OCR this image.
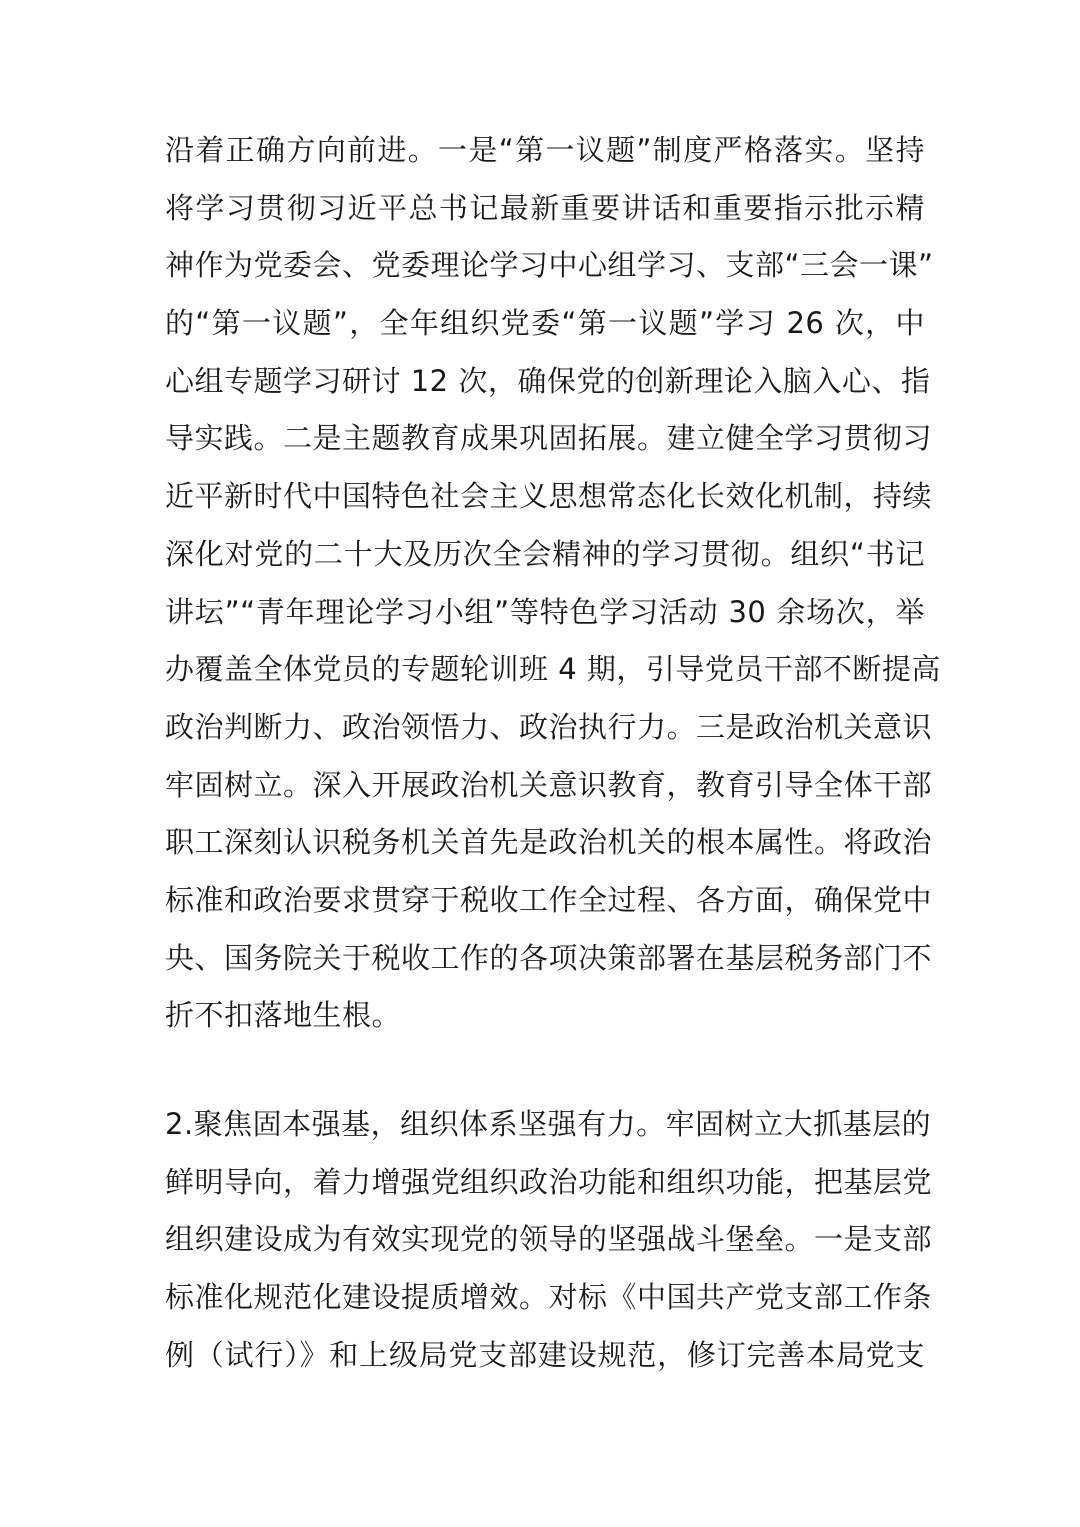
沿着正确方向前进。一是“第一议题”制度严格落实。坚持
将学习贯彻习近平总书记最新重要讲话和重要指示批示精
神作为党委会、党委理论学习中心组学习、支部“三会一课”
的“第一议题”，全年组织党委“第一议题”学习 26 次，中
心组专题学习研讨 12 次，确保党的创新理论入脑入心、指
导实践。二是主题教育成果巩固拓展。建立健全学习贯彻习
近平新时代中国特色社会主义思想常态化长效化机制，持续
深化对党的二十大及历次全会精神的学习贯彻。组织“书记
讲坛”“青年理论学习小组”等特色学习活动 30 余场次，举
办覆盖全体党员的专题轮训班 4 期，引导党员干部不断提高
政治判断力、政治领悟力、政治执行力。三是政治机关意识
牢固树立。深入开展政治机关意识教育，教育引导全体干部
职工深刻认识税务机关首先是政治机关的根本属性。将政治
标准和政治要求贯穿于税收工作全过程、各方面，确保党中
央、国务院关于税收工作的各项决策部署在基层税务部门不
折不扣落地生根。
2.聚焦固本强基，组织体系坚强有力。牢固树立大抓基层的
鲜明导向，着力增强党组织政治功能和组织功能，把基层党
组织建设成为有效实现党的领导的坚强战斗堡垒。一是支部
标准化规范化建设提质增效。对标《中国共产党支部工作条
例（试行）》和上级局党支部建设规范，修订完善本局党支
